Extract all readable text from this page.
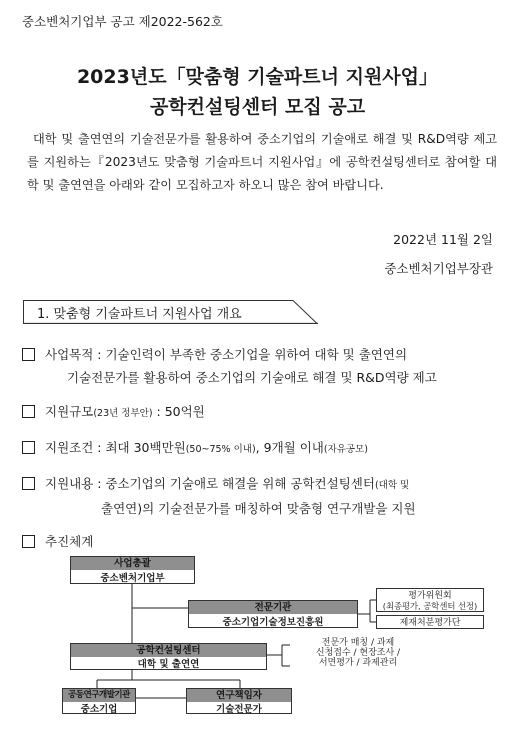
중소벤처기업부 공고 제2022-562호
2023년도「맞춤형 기술파트너 지원사업」
공학컨설팅센터 모집 공고
대학 및 출연연의 기술전문가를 활용하여 중소기업의 기술애로 해결 및 R&D역량 제고를 지원하는『2023년도 맞춤형 기술파트너 지원사업』에 공학컨설팅센터로 참여할 대학 및 출연연을 아래와 같이 모집하고자 하오니 많은 참여 바랍니다.
2022년 11월 2일
중소벤처기업부장관
1. 맞춤형 기술파트너 지원사업 개요
사업목적 : 기술인력이 부족한 중소기업을 위하여 대학 및 출연연의
기술전문가를 활용하여 중소기업의 기술애로 해결 및 R&D역량 제고
지원규모(23년 정부안) : 50억원
지원조건 : 최대 30백만원(50~75% 이내), 9개월 이내(자유공모)
지원내용 : 중소기업의 기술애로 해결을 위해 공학컨설팅센터(대학 및
출연연)의 기술전문가를 매칭하여 맞춤형 연구개발을 지원
추진체계
사업총괄
중소벤처기업부
전문기관
중소기업기술정보진흥원
평가위원회
(최종평가, 공학센터 선정)
제재처분평가단
공학컨설팅센터
대학 및 출연연
전문가 매칭 / 과제
신청접수 / 현장조사 /
서면평가 / 과제관리
공동연구개발기관
중소기업
연구책임자
기술전문가
